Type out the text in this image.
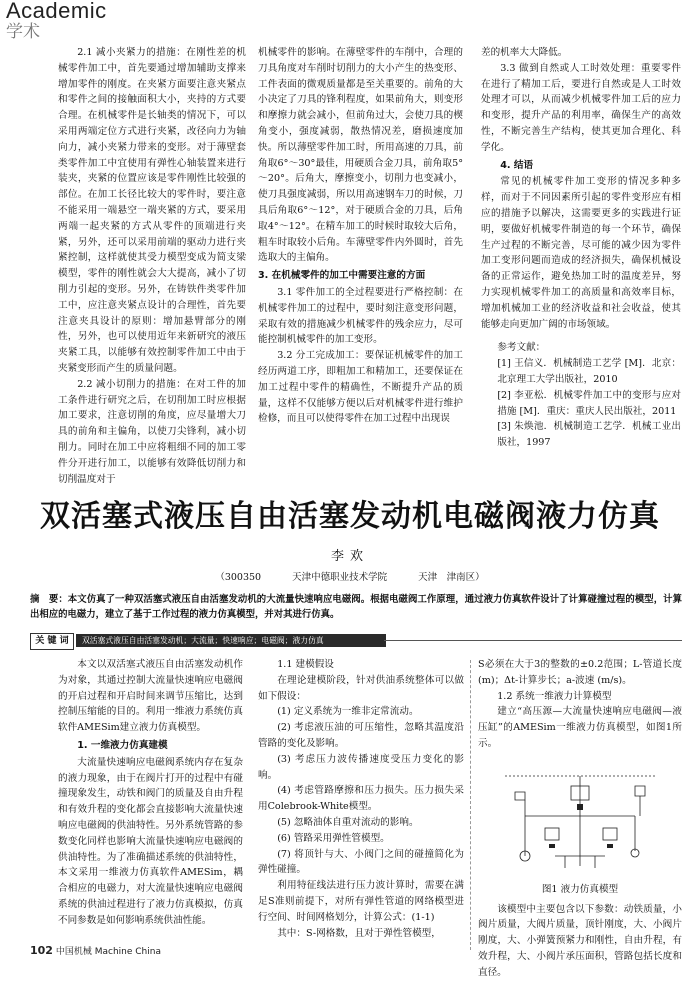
Academic
学术

2.1 减小夹紧力的措施：在刚性差的机械零件加工中，首先要通过增加辅助支撑来增加零件的刚度。在夹紧方面要注意夹紧点和零件之间的接触面积大小，夹持的方式要合理。在机械零件是长轴类的情况下，可以采用两端定位方式进行夹紧，改径向力为轴向力，减小夹紧力带来的变形。对于薄壁套类零件加工中宜使用有弹性心轴装置来进行装夹，夹紧的位置应该是零件刚性比较强的部位。在加工长径比较大的零件时，要注意不能采用一端悬空一端夹紧的方式，要采用两端一起夹紧的方式从零件的顶端进行夹紧，另外，还可以采用前端的驱动力进行夹紧控制，这样就使其受力模型变成为简支梁模型，零件的刚性就会大大提高，减小了切削力引起的变形。另外，在铸铁件类零件加工中，应注意夹紧点设计的合理性，首先要注意夹具设计的原则：增加悬臂部分的刚性，另外，也可以使用近年来新研究的液压夹紧工具，以能够有效控制零件加工中由于夹紧变形而产生的质量问题。

2.2 减小切削力的措施：在对工件的加工条件进行研究之后，在切削加工时应根据加工要求，注意切削的角度，应尽量增大刀具的前角和主偏角，以使刀尖锋利，减小切削力。同时在加工中应将粗细不同的加工零件分开进行加工，以能够有效降低切削力和切削温度对于

机械零件的影响。在薄壁零件的车削中，合理的刀具角度对车削时切削力的大小产生的热变形、工件表面的微观质量都是至关重要的。前角的大小决定了刀具的锋利程度，如果前角大，则变形和摩擦力就会减小，但前角过大，会使刀具的楔角变小，强度减弱，散热情况差，磨损速度加快。所以薄壁零件加工时，所用高速的刀具，前角取6°～30°最佳，用硬质合金刀具，前角取5°～20°。后角大，摩擦变小，切削力也变减小，使刀具强度减弱，所以用高速钢车刀的时候，刀具后角取6°～12°，对于硬质合金的刀具，后角取4°～12°。在精车加工的时候时取较大后角，粗车时取较小后角。车薄壁零件内外圆时，首先选取大的主偏角。

3. 在机械零件的加工中需要注意的方面

3.1 零件加工的全过程要进行严格控制：在机械零件加工的过程中，要时刻注意变形问题，采取有效的措施减少机械零件的残余应力，尽可能控制机械零件的加工变形。

3.2 分工完成加工：要保证机械零件的加工经历两道工序，即粗加工和精加工，还要保证在加工过程中零件的精确性，不断提升产品的质量，这样不仅能够方便以后对机械零件进行维护检修，而且可以使得零件在加工过程中出现误

差的机率大大降低。

3.3 做到自然或人工时效处理：重要零件在进行了精加工后，要进行自然或是人工时效处理才可以，从而减少机械零件加工后的应力和变形，提升产品的利用率，确保生产的高效性，不断完善生产结构，使其更加合理化、科学化。

4. 结语

常见的机械零件加工变形的情况多种多样，而对于不同因素所引起的零件变形应有相应的措施予以解决，这需要更多的实践进行证明，要做好机械零件制造的每一个环节，确保生产过程的不断完善，尽可能的减少因为零件加工变形问题而造成的经济损失，确保机械设备的正常运作，避免热加工时的温度差异，努力实现机械零件加工的高质量和高效率目标，增加机械加工业的经济收益和社会收益，使其能够走向更加广阔的市场领域。

参考文献：

[1] 王信义．机械制造工艺学 [M]．北京：北京理工大学出版社，2010

[2] 李亚松．机械零件加工中的变形与应对措施 [M]．重庆：重庆人民出版社，2011

[3] 朱焕池．机械制造工艺学．机械工业出版社，1997

双活塞式液压自由活塞发动机电磁阀液力仿真
李欢
（300350	天津中德职业技术学院	天津　津南区）
摘　要：本文仿真了一种双活塞式液压自由活塞发动机的大流量快速响应电磁阀。根据电磁阀工作原理，通过液力仿真软件设计了计算碰撞过程的模型，计算出相应的电磁力，建立了基于工作过程的液力仿真模型，并对其进行仿真。
关 键 词	双活塞式液压自由活塞发动机；大流量；快速响应；电磁阀；液力仿真

本文以双活塞式液压自由活塞发动机作为对象，其通过控制大流量快速响应电磁阀的开启过程和开启时间来调节压缩比，达到控制压缩能的目的。利用一维液力系统仿真软件AMESim建立液力仿真模型。

1. 一维液力仿真建模

大流量快速响应电磁阀系统内存在复杂的液力现象，由于在阀片打开的过程中有碰撞现象发生，动铁和阀门的质量及自由升程和有效升程的变化都会直接影响大流量快速响应电磁阀的供油特性。另外系统管路的参数变化同样也影响大流量快速响应电磁阀的供油特性。为了准确描述系统的供油特性，本文采用一维液力仿真软件AMESim，耦合相应的电磁力，对大流量快速响应电磁阀系统的供油过程进行了液力仿真模拟，仿真不同参数是如何影响系统供油性能。

1.1 建模假设

在理论建模阶段，针对供油系统整体可以做如下假设：

(1) 定义系统为一维非定常流动。

(2) 考虑液压油的可压缩性，忽略其温度沿管路的变化及影响。

(3) 考虑压力波传播速度受压力变化的影响。

(4) 考虑管路摩擦和压力损失。压力损失采用Colebrook-White模型。

(5) 忽略油体自重对流动的影响。

(6) 管路采用弹性管模型。

(7) 将顶针与大、小阀门之间的碰撞简化为弹性碰撞。

利用特征线法进行压力波计算时，需要在满足S准则前提下，对所有弹性管道的网络模型进行空间、时间网格划分，计算公式：(1-1)

其中：S-网格数，且对于弹性管模型，

S必须在大于3的整数的±0.2范围；L-管道长度 (m)；Δt-计算步长；a-波速 (m/s)。

1.2 系统一维液力计算模型

建立“高压源—大流量快速响应电磁阀—液压缸”的AMESim一维液力仿真模型，如图1所示。

图1 液力仿真模型

该模型中主要包含以下参数：动铁质量，小阀片质量，大阀片质量，顶针刚度，大、小阀片刚度，大、小弹簧预紧力和刚性，自由升程，有效升程，大、小阀片承压面积，管路包括长度和直径。

102 中国机械 Machine China
